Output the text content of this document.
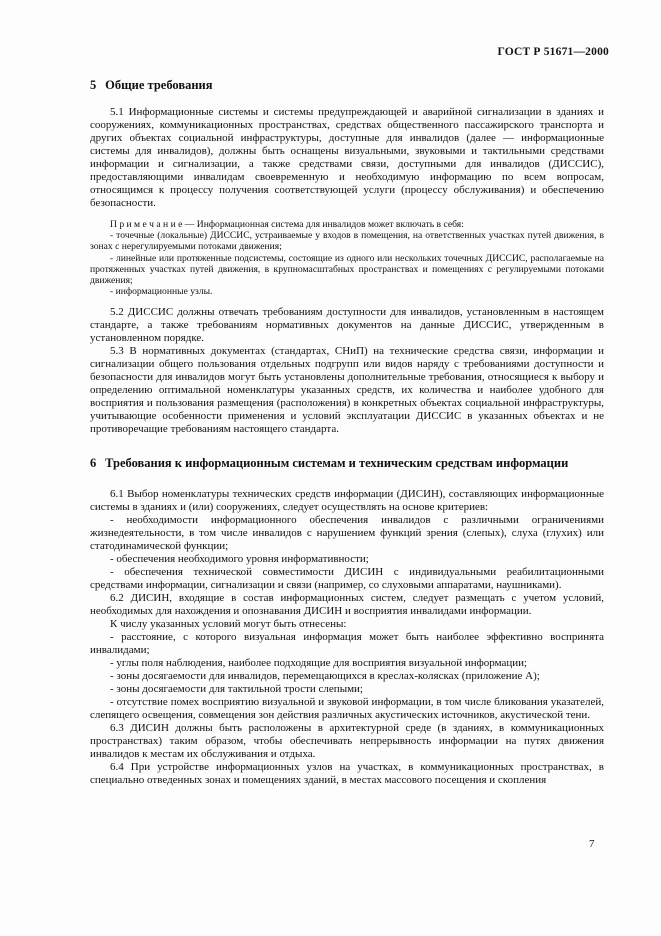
ГОСТ Р 51671—2000
5 Общие требования

5.1 Информационные системы и системы предупреждающей и аварийной сигнализации в зданиях и сооружениях, коммуникационных пространствах, средствах общественного пассажирского транспорта и других объектах социальной инфраструктуры, доступные для инвалидов (далее — информационные системы для инвалидов), должны быть оснащены визуальными, звуковыми и тактильными средствами информации и сигнализации, а также средствами связи, доступными для инвалидов (ДИССИС), предоставляющими инвалидам своевременную и необходимую информацию по всем вопросам, относящимся к процессу получения соответствующей услуги (процессу обслуживания) и обеспечению безопасности.

П р и м е ч а н и е — Информационная система для инвалидов может включать в себя:

- точечные (локальные) ДИССИС, устраиваемые у входов в помещения, на ответственных участках путей движения, в зонах с нерегулируемыми потоками движения;

- линейные или протяженные подсистемы, состоящие из одного или нескольких точечных ДИССИС, располагаемые на протяженных участках путей движения, в крупномасштабных пространствах и помещениях с регулируемыми потоками движения;

- информационные узлы.

5.2 ДИССИС должны отвечать требованиям доступности для инвалидов, установленным в настоящем стандарте, а также требованиям нормативных документов на данные ДИССИС, утвержденным в установленном порядке.

5.3 В нормативных документах (стандартах, СНиП) на технические средства связи, информации и сигнализации общего пользования отдельных подгрупп или видов наряду с требованиями доступности и безопасности для инвалидов могут быть установлены дополнительные требования, относящиеся к выбору и определению оптимальной номенклатуры указанных средств, их количества и наиболее удобного для восприятия и пользования размещения (расположения) в конкретных объектах социальной инфраструктуры, учитывающие особенности применения и условий эксплуатации ДИССИС в указанных объектах и не противоречащие требованиям настоящего стандарта.

6 Требования к информационным системам и техническим средствам информации

6.1 Выбор номенклатуры технических средств информации (ДИСИН), составляющих информационные системы в зданиях и (или) сооружениях, следует осуществлять на основе критериев:

- необходимости информационного обеспечения инвалидов с различными ограничениями жизнедеятельности, в том числе инвалидов с нарушением функций зрения (слепых), слуха (глухих) или статодинамической функции;

- обеспечения необходимого уровня информативности;

- обеспечения технической совместимости ДИСИН с индивидуальными реабилитационными средствами информации, сигнализации и связи (например, со слуховыми аппаратами, наушниками).

6.2 ДИСИН, входящие в состав информационных систем, следует размещать с учетом условий, необходимых для нахождения и опознавания ДИСИН и восприятия инвалидами информации.

К числу указанных условий могут быть отнесены:

- расстояние, с которого визуальная информация может быть наиболее эффективно воспринята инвалидами;

- углы поля наблюдения, наиболее подходящие для восприятия визуальной информации;

- зоны досягаемости для инвалидов, перемещающихся в креслах-колясках (приложение А);

- зоны досягаемости для тактильной трости слепыми;

- отсутствие помех восприятию визуальной и звуковой информации, в том числе бликования указателей, слепящего освещения, совмещения зон действия различных акустических источников, акустической тени.

6.3 ДИСИН должны быть расположены в архитектурной среде (в зданиях, в коммуникационных пространствах) таким образом, чтобы обеспечивать непрерывность информации на путях движения инвалидов к местам их обслуживания и отдыха.

6.4 При устройстве информационных узлов на участках, в коммуникационных пространствах, в специально отведенных зонах и помещениях зданий, в местах массового посещения и скопления

7
